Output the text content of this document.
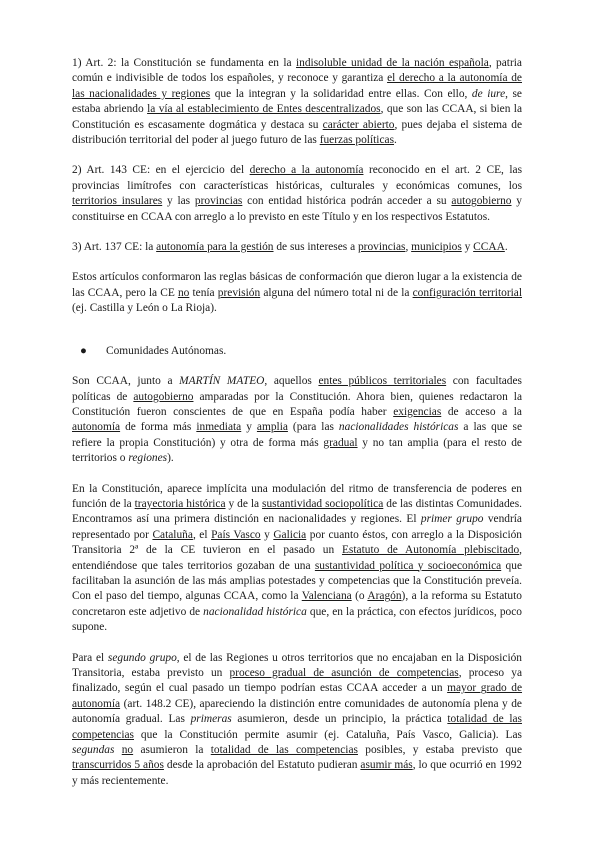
1) Art. 2: la Constitución se fundamenta en la indisoluble unidad de la nación española, patria común e indivisible de todos los españoles, y reconoce y garantiza el derecho a la autonomía de las nacionalidades y regiones que la integran y la solidaridad entre ellas. Con ello, de iure, se estaba abriendo la vía al establecimiento de Entes descentralizados, que son las CCAA, si bien la Constitución es escasamente dogmática y destaca su carácter abierto, pues dejaba el sistema de distribución territorial del poder al juego futuro de las fuerzas políticas.

2) Art. 143 CE: en el ejercicio del derecho a la autonomía reconocido en el art. 2 CE, las provincias limítrofes con características históricas, culturales y económicas comunes, los territorios insulares y las provincias con entidad histórica podrán acceder a su autogobierno y constituirse en CCAA con arreglo a lo previsto en este Título y en los respectivos Estatutos.

3) Art. 137 CE: la autonomía para la gestión de sus intereses a provincias, municipios y CCAA.

Estos artículos conformaron las reglas básicas de conformación que dieron lugar a la existencia de las CCAA, pero la CE no tenía previsión alguna del número total ni de la configuración territorial (ej. Castilla y León o La Rioja).

●	Comunidades Autónomas.

Son CCAA, junto a MARTÍN MATEO, aquellos entes públicos territoriales con facultades políticas de autogobierno amparadas por la Constitución. Ahora bien, quienes redactaron la Constitución fueron conscientes de que en España podía haber exigencias de acceso a la autonomía de forma más inmediata y amplia (para las nacionalidades históricas a las que se refiere la propia Constitución) y otra de forma más gradual y no tan amplia (para el resto de territorios o regiones).

En la Constitución, aparece implícita una modulación del ritmo de transferencia de poderes en función de la trayectoria histórica y de la sustantividad sociopolítica de las distintas Comunidades. Encontramos así una primera distinción en nacionalidades y regiones. El primer grupo vendría representado por Cataluña, el País Vasco y Galicia por cuanto éstos, con arreglo a la Disposición Transitoria 2ª de la CE tuvieron en el pasado un Estatuto de Autonomía plebiscitado, entendiéndose que tales territorios gozaban de una sustantividad política y socioeconómica que facilitaban la asunción de las más amplias potestades y competencias que la Constitución preveía. Con el paso del tiempo, algunas CCAA, como la Valenciana (o Aragón), a la reforma su Estatuto concretaron este adjetivo de nacionalidad histórica que, en la práctica, con efectos jurídicos, poco supone.

Para el segundo grupo, el de las Regiones u otros territorios que no encajaban en la Disposición Transitoria, estaba previsto un proceso gradual de asunción de competencias, proceso ya finalizado, según el cual pasado un tiempo podrían estas CCAA acceder a un mayor grado de autonomía (art. 148.2 CE), apareciendo la distinción entre comunidades de autonomía plena y de autonomía gradual. Las primeras asumieron, desde un principio, la práctica totalidad de las competencias que la Constitución permite asumir (ej. Cataluña, País Vasco, Galicia). Las segundas no asumieron la totalidad de las competencias posibles, y estaba previsto que transcurridos 5 años desde la aprobación del Estatuto pudieran asumir más, lo que ocurrió en 1992 y más recientemente.
